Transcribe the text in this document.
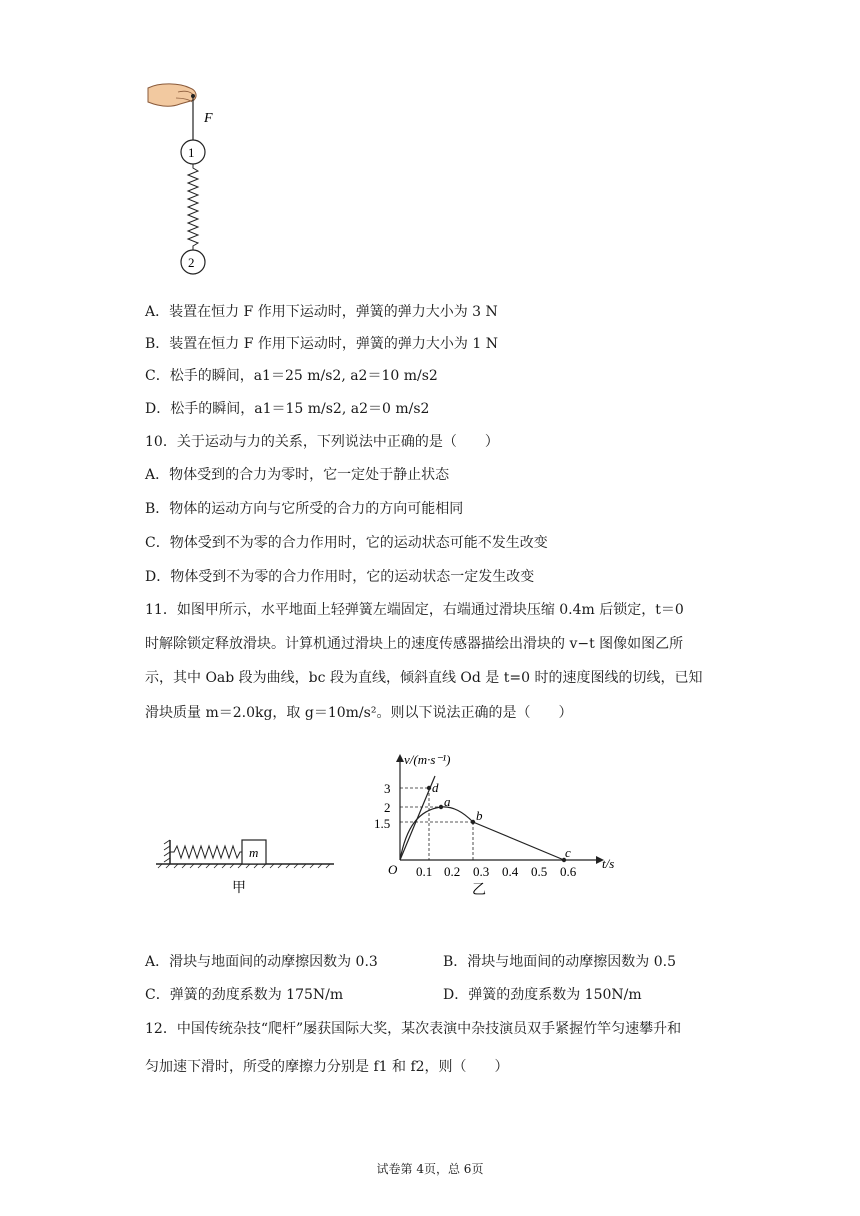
F
1
2
A．装置在恒力 F 作用下运动时，弹簧的弹力大小为 3 N
B．装置在恒力 F 作用下运动时，弹簧的弹力大小为 1 N
C．松手的瞬间，a1＝25 m/s2, a2＝10 m/s2
D．松手的瞬间，a1＝15 m/s2, a2＝0 m/s2
10．关于运动与力的关系，下列说法中正确的是（　　）
A．物体受到的合力为零时，它一定处于静止状态
B．物体的运动方向与它所受的合力的方向可能相同
C．物体受到不为零的合力作用时，它的运动状态可能不发生改变
D．物体受到不为零的合力作用时，它的运动状态一定发生改变
11．如图甲所示，水平地面上轻弹簧左端固定，右端通过滑块压缩 0.4m 后锁定，t＝0
时解除锁定释放滑块。计算机通过滑块上的速度传感器描绘出滑块的 v−t 图像如图乙所
示，其中 Oab 段为曲线，bc 段为直线，倾斜直线 Od 是 t=0 时的速度图线的切线，已知
滑块质量 m＝2.0kg，取 g＝10m/s²。则以下说法正确的是（　　）
m
甲
v/(m·s⁻¹)
t/s
O
3
2
1.5
0.1 0.2 0.3 0.4 0.5 0.6
d
a
b
c
乙
A．滑块与地面间的动摩擦因数为 0.3	B．滑块与地面间的动摩擦因数为 0.5
C．弹簧的劲度系数为 175N/m	D．弹簧的劲度系数为 150N/m
12．中国传统杂技“爬杆”屡获国际大奖，某次表演中杂技演员双手紧握竹竿匀速攀升和
匀加速下滑时，所受的摩擦力分别是 f1 和 f2，则（　　）
试卷第 4页，总 6页
